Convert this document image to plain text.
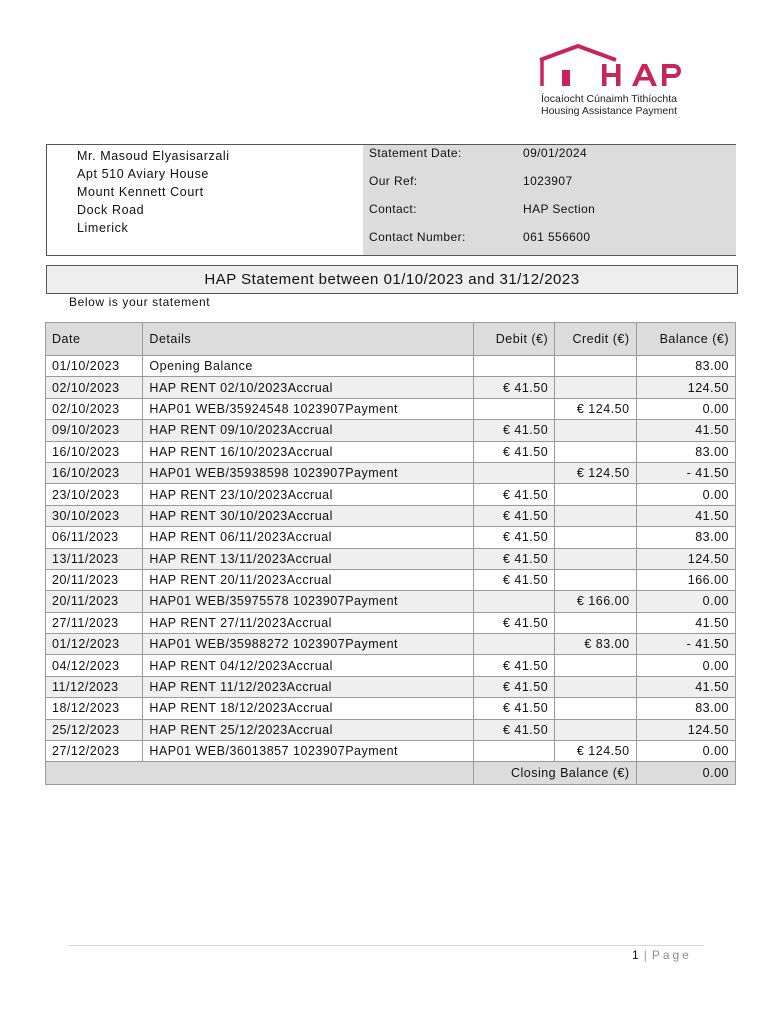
Íocaíocht Cúnaimh Tithíochta
Housing Assistance Payment
Mr. Masoud Elyasisarzali
Apt 510 Aviary House
Mount Kennett Court
Dock Road
Limerick
Statement Date:	09/01/2024
Our Ref:	1023907
Contact:	HAP Section
Contact Number:	061 556600
HAP Statement between 01/10/2023 and 31/12/2023
Below is your statement
Date	Details	Debit (€)	Credit (€)	Balance (€)
01/10/2023	Opening Balance			83.00
02/10/2023	HAP RENT 02/10/2023Accrual	€ 41.50		124.50
02/10/2023	HAP01 WEB/35924548 1023907Payment		€ 124.50	0.00
09/10/2023	HAP RENT 09/10/2023Accrual	€ 41.50		41.50
16/10/2023	HAP RENT 16/10/2023Accrual	€ 41.50		83.00
16/10/2023	HAP01 WEB/35938598 1023907Payment		€ 124.50	- 41.50
23/10/2023	HAP RENT 23/10/2023Accrual	€ 41.50		0.00
30/10/2023	HAP RENT 30/10/2023Accrual	€ 41.50		41.50
06/11/2023	HAP RENT 06/11/2023Accrual	€ 41.50		83.00
13/11/2023	HAP RENT 13/11/2023Accrual	€ 41.50		124.50
20/11/2023	HAP RENT 20/11/2023Accrual	€ 41.50		166.00
20/11/2023	HAP01 WEB/35975578 1023907Payment		€ 166.00	0.00
27/11/2023	HAP RENT 27/11/2023Accrual	€ 41.50		41.50
01/12/2023	HAP01 WEB/35988272 1023907Payment		€ 83.00	- 41.50
04/12/2023	HAP RENT 04/12/2023Accrual	€ 41.50		0.00
11/12/2023	HAP RENT 11/12/2023Accrual	€ 41.50		41.50
18/12/2023	HAP RENT 18/12/2023Accrual	€ 41.50		83.00
25/12/2023	HAP RENT 25/12/2023Accrual	€ 41.50		124.50
27/12/2023	HAP01 WEB/36013857 1023907Payment		€ 124.50	0.00
		Closing Balance (€)		0.00
1 | Page
